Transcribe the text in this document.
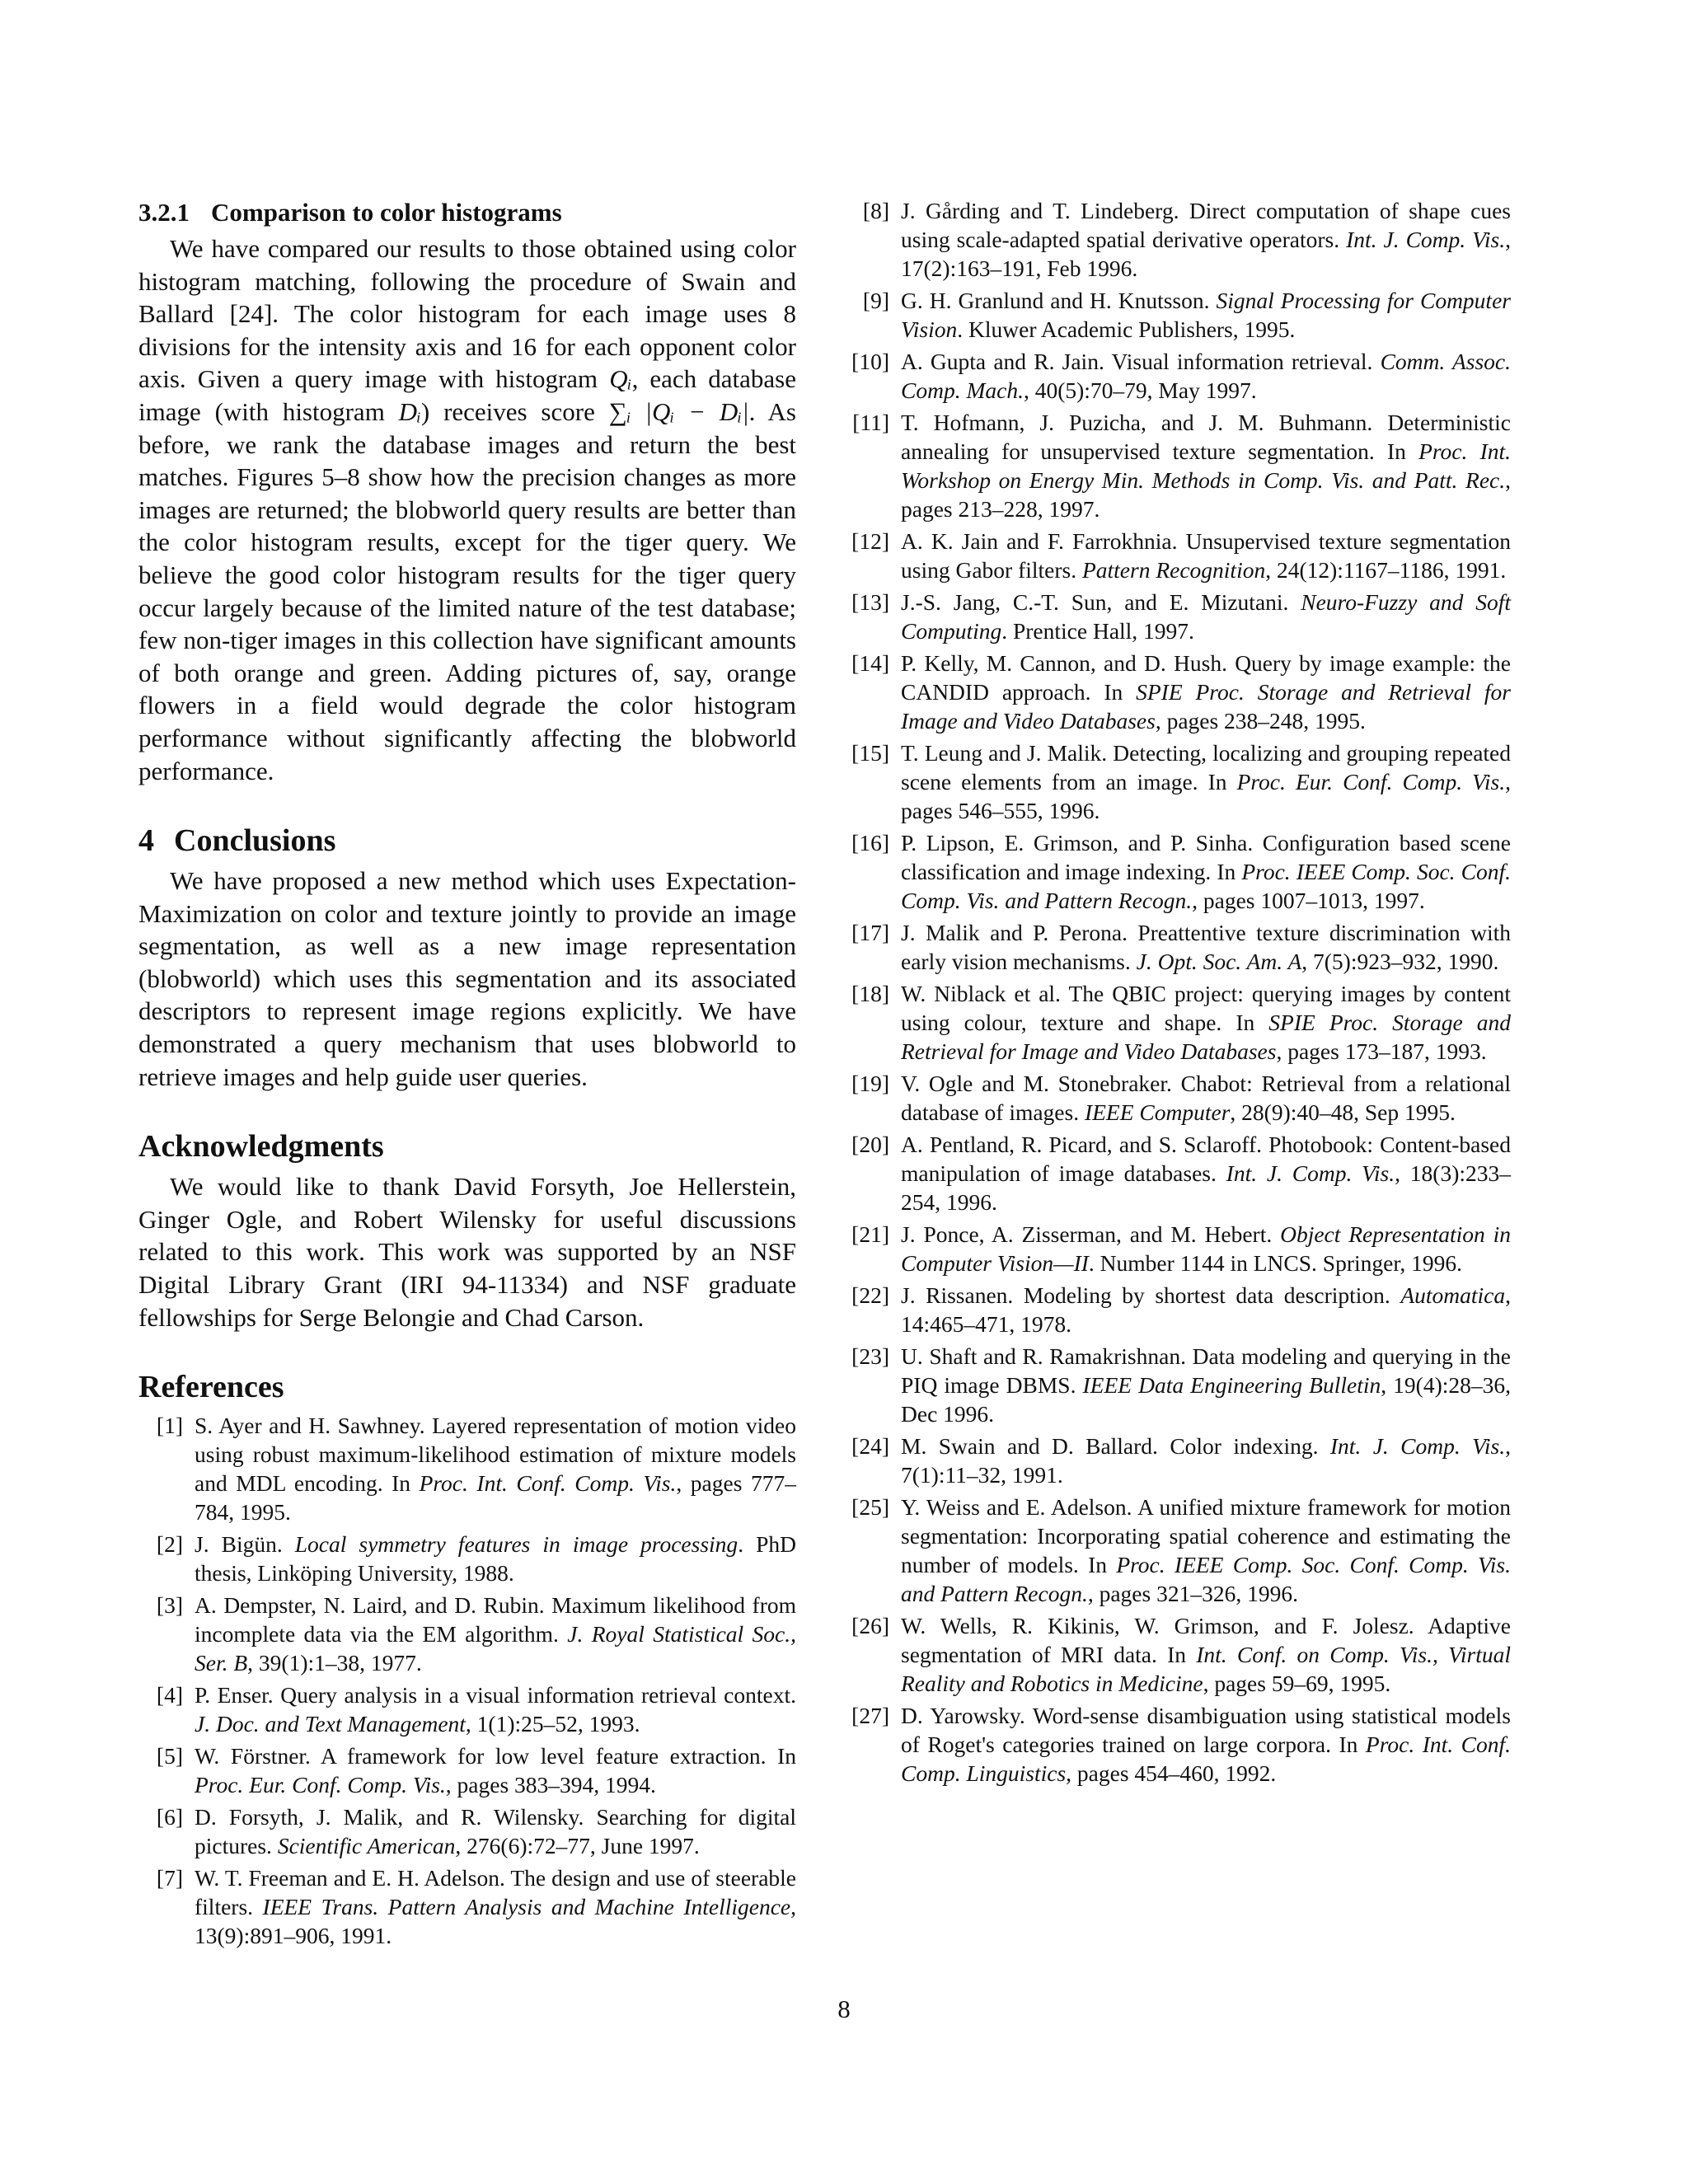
3.2.1 Comparison to color histograms

We have compared our results to those obtained using color histogram matching, following the procedure of Swain and Ballard [24]. The color histogram for each image uses 8 divisions for the intensity axis and 16 for each opponent color axis. Given a query image with histogram Qᵢ, each database image (with histogram Dᵢ) receives score ∑ᵢ |Qᵢ − Dᵢ|. As before, we rank the database images and return the best matches. Figures 5–8 show how the precision changes as more images are returned; the blobworld query results are better than the color histogram results, except for the tiger query. We believe the good color histogram results for the tiger query occur largely because of the limited nature of the test database; few non-tiger images in this collection have significant amounts of both orange and green. Adding pictures of, say, orange flowers in a field would degrade the color histogram performance without significantly affecting the blobworld performance.

4 Conclusions

We have proposed a new method which uses Expectation-Maximization on color and texture jointly to provide an image segmentation, as well as a new image representation (blobworld) which uses this segmentation and its associated descriptors to represent image regions explicitly. We have demonstrated a query mechanism that uses blobworld to retrieve images and help guide user queries.

Acknowledgments

We would like to thank David Forsyth, Joe Hellerstein, Ginger Ogle, and Robert Wilensky for useful discussions related to this work. This work was supported by an NSF Digital Library Grant (IRI 94-11334) and NSF graduate fellowships for Serge Belongie and Chad Carson.

References
[1] S. Ayer and H. Sawhney. Layered representation of motion video using robust maximum-likelihood estimation of mixture models and MDL encoding. In Proc. Int. Conf. Comp. Vis., pages 777–784, 1995.
[2] J. Bigün. Local symmetry features in image processing. PhD thesis, Linköping University, 1988.
[3] A. Dempster, N. Laird, and D. Rubin. Maximum likelihood from incomplete data via the EM algorithm. J. Royal Statistical Soc., Ser. B, 39(1):1–38, 1977.
[4] P. Enser. Query analysis in a visual information retrieval context. J. Doc. and Text Management, 1(1):25–52, 1993.
[5] W. Förstner. A framework for low level feature extraction. In Proc. Eur. Conf. Comp. Vis., pages 383–394, 1994.
[6] D. Forsyth, J. Malik, and R. Wilensky. Searching for digital pictures. Scientific American, 276(6):72–77, June 1997.
[7] W. T. Freeman and E. H. Adelson. The design and use of steerable filters. IEEE Trans. Pattern Analysis and Machine Intelligence, 13(9):891–906, 1991.
[8] J. Gårding and T. Lindeberg. Direct computation of shape cues using scale-adapted spatial derivative operators. Int. J. Comp. Vis., 17(2):163–191, Feb 1996.
[9] G. H. Granlund and H. Knutsson. Signal Processing for Computer Vision. Kluwer Academic Publishers, 1995.
[10] A. Gupta and R. Jain. Visual information retrieval. Comm. Assoc. Comp. Mach., 40(5):70–79, May 1997.
[11] T. Hofmann, J. Puzicha, and J. M. Buhmann. Deterministic annealing for unsupervised texture segmentation. In Proc. Int. Workshop on Energy Min. Methods in Comp. Vis. and Patt. Rec., pages 213–228, 1997.
[12] A. K. Jain and F. Farrokhnia. Unsupervised texture segmentation using Gabor filters. Pattern Recognition, 24(12):1167–1186, 1991.
[13] J.-S. Jang, C.-T. Sun, and E. Mizutani. Neuro-Fuzzy and Soft Computing. Prentice Hall, 1997.
[14] P. Kelly, M. Cannon, and D. Hush. Query by image example: the CANDID approach. In SPIE Proc. Storage and Retrieval for Image and Video Databases, pages 238–248, 1995.
[15] T. Leung and J. Malik. Detecting, localizing and grouping repeated scene elements from an image. In Proc. Eur. Conf. Comp. Vis., pages 546–555, 1996.
[16] P. Lipson, E. Grimson, and P. Sinha. Configuration based scene classification and image indexing. In Proc. IEEE Comp. Soc. Conf. Comp. Vis. and Pattern Recogn., pages 1007–1013, 1997.
[17] J. Malik and P. Perona. Preattentive texture discrimination with early vision mechanisms. J. Opt. Soc. Am. A, 7(5):923–932, 1990.
[18] W. Niblack et al. The QBIC project: querying images by content using colour, texture and shape. In SPIE Proc. Storage and Retrieval for Image and Video Databases, pages 173–187, 1993.
[19] V. Ogle and M. Stonebraker. Chabot: Retrieval from a relational database of images. IEEE Computer, 28(9):40–48, Sep 1995.
[20] A. Pentland, R. Picard, and S. Sclaroff. Photobook: Content-based manipulation of image databases. Int. J. Comp. Vis., 18(3):233–254, 1996.
[21] J. Ponce, A. Zisserman, and M. Hebert. Object Representation in Computer Vision—II. Number 1144 in LNCS. Springer, 1996.
[22] J. Rissanen. Modeling by shortest data description. Automatica, 14:465–471, 1978.
[23] U. Shaft and R. Ramakrishnan. Data modeling and querying in the PIQ image DBMS. IEEE Data Engineering Bulletin, 19(4):28–36, Dec 1996.
[24] M. Swain and D. Ballard. Color indexing. Int. J. Comp. Vis., 7(1):11–32, 1991.
[25] Y. Weiss and E. Adelson. A unified mixture framework for motion segmentation: Incorporating spatial coherence and estimating the number of models. In Proc. IEEE Comp. Soc. Conf. Comp. Vis. and Pattern Recogn., pages 321–326, 1996.
[26] W. Wells, R. Kikinis, W. Grimson, and F. Jolesz. Adaptive segmentation of MRI data. In Int. Conf. on Comp. Vis., Virtual Reality and Robotics in Medicine, pages 59–69, 1995.
[27] D. Yarowsky. Word-sense disambiguation using statistical models of Roget's categories trained on large corpora. In Proc. Int. Conf. Comp. Linguistics, pages 454–460, 1992.
8
